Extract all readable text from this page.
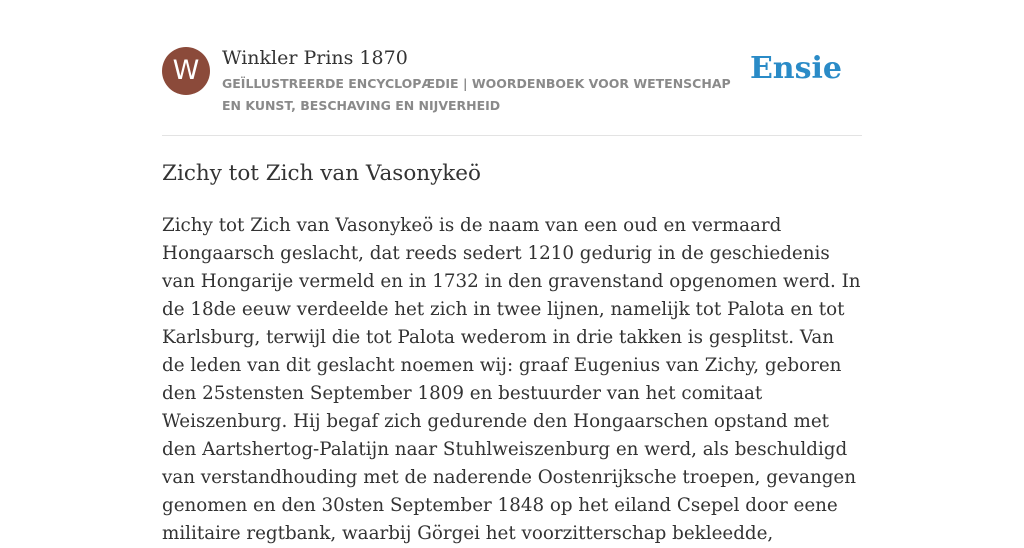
W	Winkler Prins 1870
GEÏLLUSTREERDE ENCYCLOPÆDIE | WOORDENBOEK VOOR WETENSCHAP EN KUNST, BESCHAVING EN NIJVERHEID
Ensie
Zichy tot Zich van Vasonykeö

Zichy tot Zich van Vasonykeö is de naam van een oud en vermaard Hongaarsch geslacht, dat reeds sedert 1210 gedurig in de geschiedenis van Hongarije vermeld en in 1732 in den gravenstand opgenomen werd. In de 18de eeuw verdeelde het zich in twee lijnen, namelijk tot Palota en tot Karlsburg, terwijl die tot Palota wederom in drie takken is gesplitst. Van de leden van dit geslacht noemen wij: graaf Eugenius van Zichy, geboren den 25stensten September 1809 en bestuurder van het comitaat Weiszenburg. Hij begaf zich gedurende den Hongaarschen opstand met den Aartshertog-Palatijn naar Stuhlweiszenburg en werd, als beschuldigd van verstandhouding met de naderende Oostenrijksche troepen, gevangen genomen en den 30sten September 1848 op het eiland Csepel door eene militaire regtbank, waarbij Görgei het voorzitterschap bekleedde,
